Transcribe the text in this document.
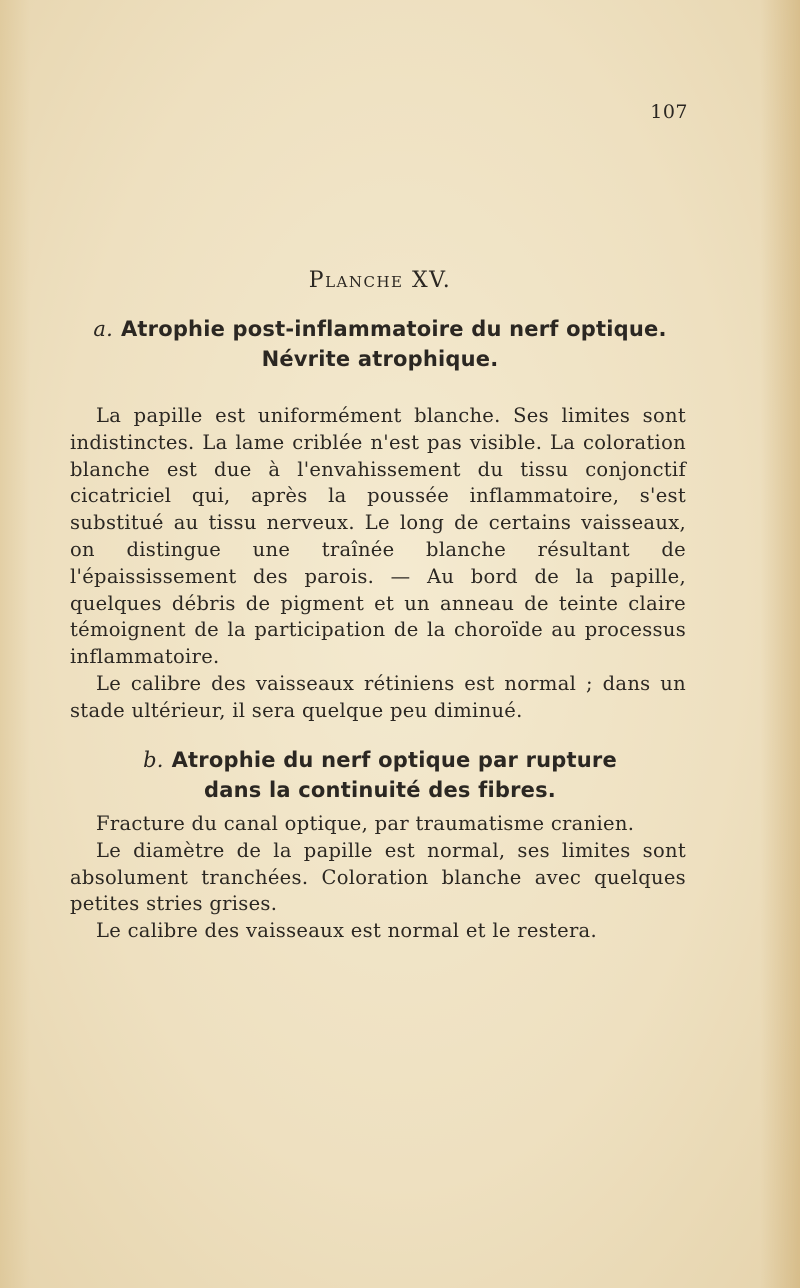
107
Planche XV.
a. Atrophie post-inflammatoire du nerf optique.
Névrite atrophique.

La papille est uniformément blanche. Ses limites sont indistinctes. La lame criblée n'est pas visible. La coloration blanche est due à l'envahissement du tissu conjonctif cicatriciel qui, après la poussée inflammatoire, s'est substitué au tissu nerveux. Le long de certains vaisseaux, on distingue une traînée blanche résultant de l'épaississement des parois. — Au bord de la papille, quelques débris de pigment et un anneau de teinte claire témoignent de la participation de la choroïde au processus inflammatoire.

Le calibre des vaisseaux rétiniens est normal ; dans un stade ultérieur, il sera quelque peu diminué.

b. Atrophie du nerf optique par rupture
dans la continuité des fibres.

Fracture du canal optique, par traumatisme cranien.

Le diamètre de la papille est normal, ses limites sont absolument tranchées. Coloration blanche avec quelques petites stries grises.

Le calibre des vaisseaux est normal et le restera.
